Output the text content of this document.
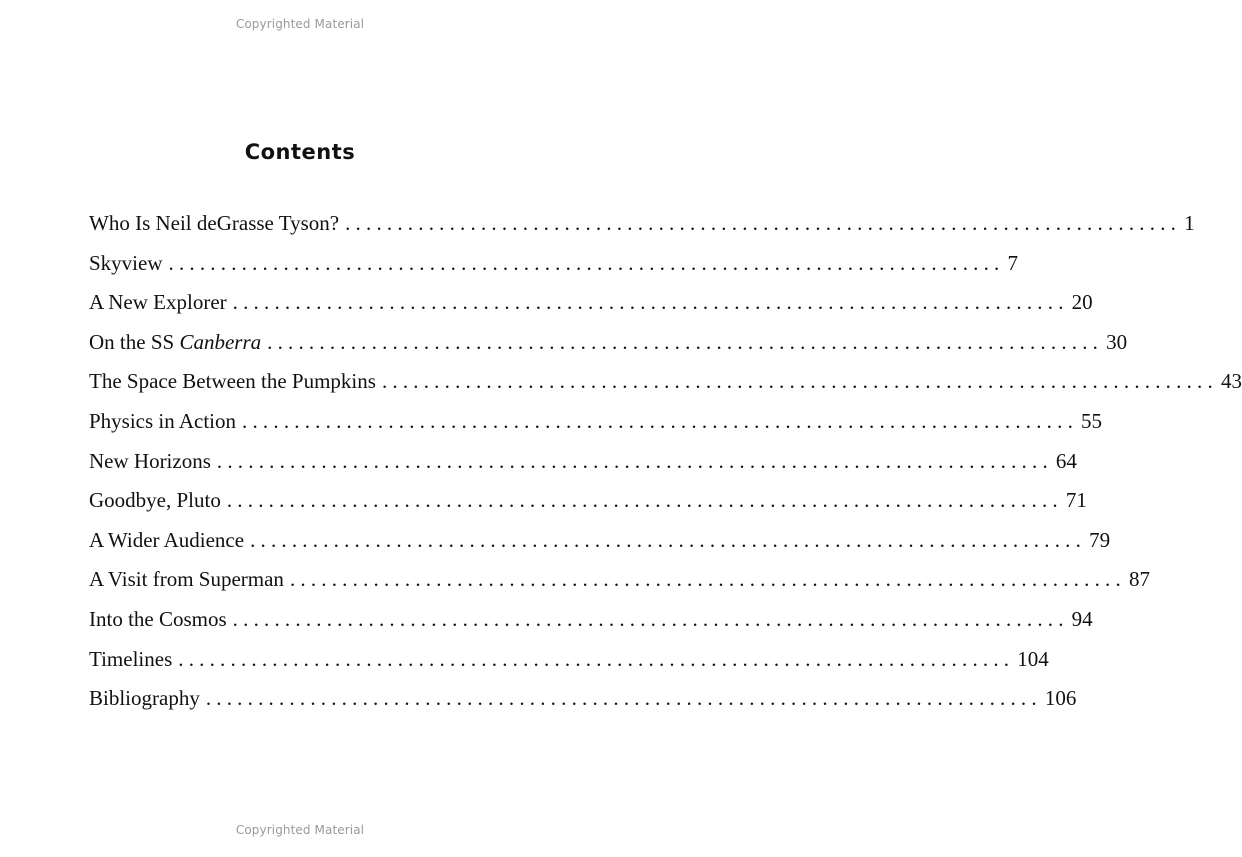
Copyrighted Material
Contents
Who Is Neil deGrasse Tyson? ................................................................................ 1
Skyview ................................................................................ 7
A New Explorer ................................................................................ 20
On the SS Canberra ................................................................................ 30
The Space Between the Pumpkins ................................................................................ 43
Physics in Action ................................................................................ 55
New Horizons ................................................................................ 64
Goodbye, Pluto ................................................................................ 71
A Wider Audience ................................................................................ 79
A Visit from Superman ................................................................................ 87
Into the Cosmos ................................................................................ 94
Timelines ................................................................................ 104
Bibliography ................................................................................ 106
Copyrighted Material
